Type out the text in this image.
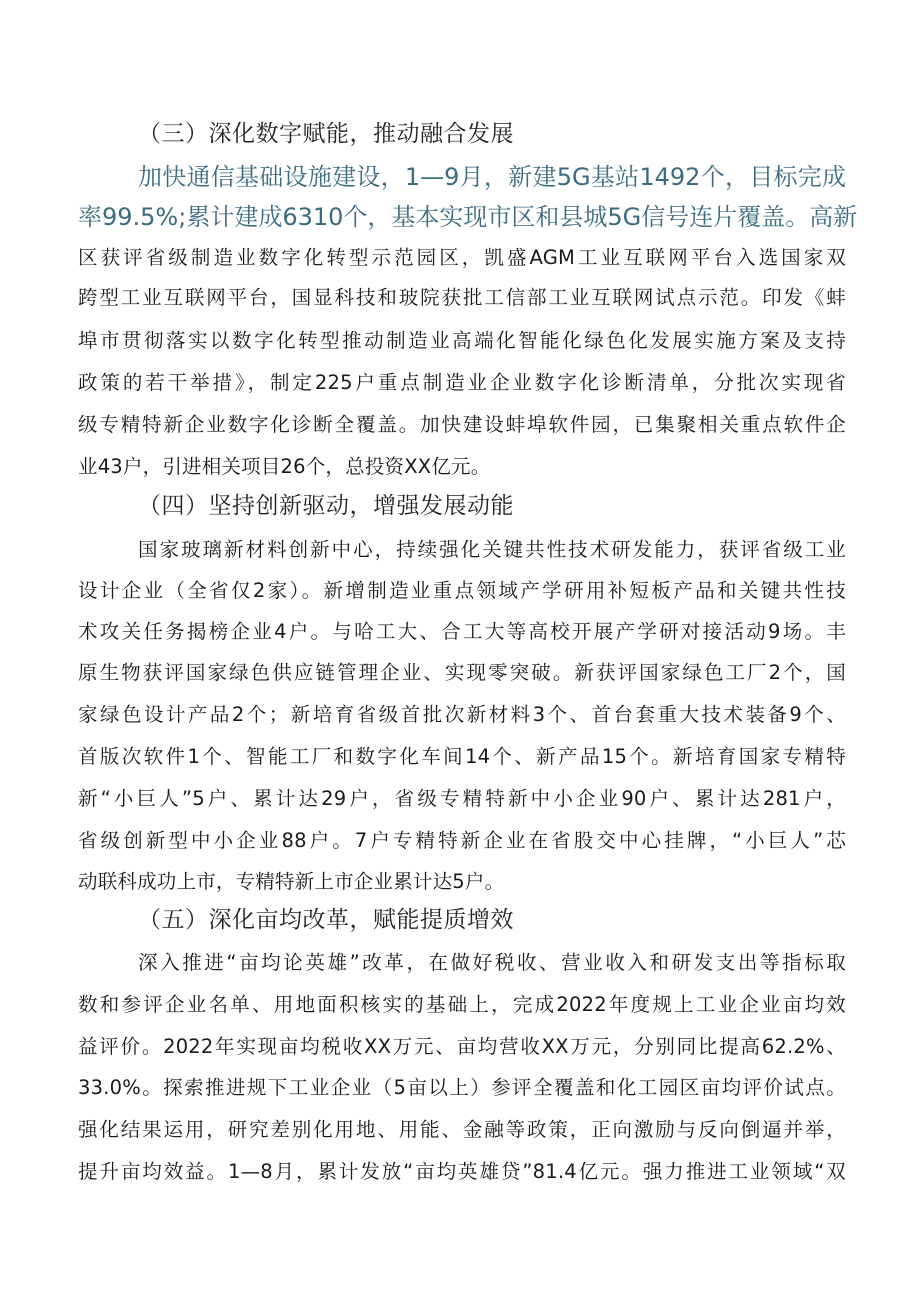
（三）深化数字赋能，推动融合发展
加快通信基础设施建设，1—9月，新建5G基站1492个，目标完成
率99.5%;累计建成6310个，基本实现市区和县城5G信号连片覆盖。高新
区获评省级制造业数字化转型示范园区，凯盛AGM工业互联网平台入选国家双
跨型工业互联网平台，国显科技和玻院获批工信部工业互联网试点示范。印发《蚌
埠市贯彻落实以数字化转型推动制造业高端化智能化绿色化发展实施方案及支持
政策的若干举措》，制定225户重点制造业企业数字化诊断清单，分批次实现省
级专精特新企业数字化诊断全覆盖。加快建设蚌埠软件园，已集聚相关重点软件企
业43户，引进相关项目26个，总投资XX亿元。
（四）坚持创新驱动，增强发展动能
国家玻璃新材料创新中心，持续强化关键共性技术研发能力，获评省级工业
设计企业（全省仅2家）。新增制造业重点领域产学研用补短板产品和关键共性技
术攻关任务揭榜企业4户。与哈工大、合工大等高校开展产学研对接活动9场。丰
原生物获评国家绿色供应链管理企业、实现零突破。新获评国家绿色工厂2个，国
家绿色设计产品2个；新培育省级首批次新材料3个、首台套重大技术装备9个、
首版次软件1个、智能工厂和数字化车间14个、新产品15个。新培育国家专精特
新“小巨人”5户、累计达29户，省级专精特新中小企业90户、累计达281户，
省级创新型中小企业88户。7户专精特新企业在省股交中心挂牌，“小巨人”芯
动联科成功上市，专精特新上市企业累计达5户。
（五）深化亩均改革，赋能提质增效
深入推进“亩均论英雄”改革，在做好税收、营业收入和研发支出等指标取
数和参评企业名单、用地面积核实的基础上，完成2022年度规上工业企业亩均效
益评价。2022年实现亩均税收XX万元、亩均营收XX万元，分别同比提高62.2%、
33.0%。探索推进规下工业企业（5亩以上）参评全覆盖和化工园区亩均评价试点。
强化结果运用，研究差别化用地、用能、金融等政策，正向激励与反向倒逼并举，
提升亩均效益。1—8月，累计发放“亩均英雄贷”81.4亿元。强力推进工业领域“双
